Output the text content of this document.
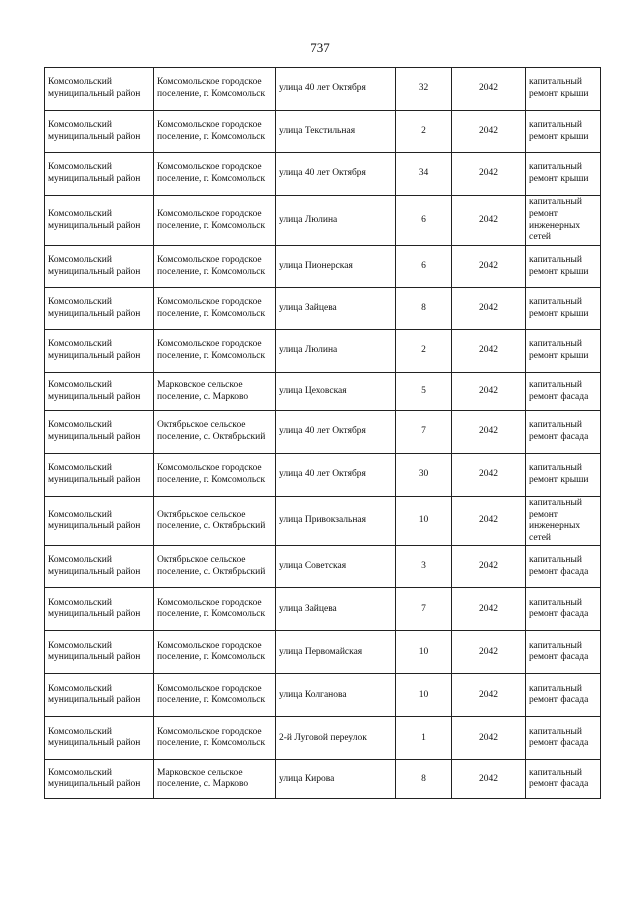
737
Комсомольский муниципальный район	Комсомольское городское поселение, г. Комсомольск	улица 40 лет Октября	32	2042	капитальный ремонт крыши
Комсомольский муниципальный район	Комсомольское городское поселение, г. Комсомольск	улица Текстильная	2	2042	капитальный ремонт крыши
Комсомольский муниципальный район	Комсомольское городское поселение, г. Комсомольск	улица 40 лет Октября	34	2042	капитальный ремонт крыши
Комсомольский муниципальный район	Комсомольское городское поселение, г. Комсомольск	улица Люлина	6	2042	капитальный ремонт инженерных сетей
Комсомольский муниципальный район	Комсомольское городское поселение, г. Комсомольск	улица Пионерская	6	2042	капитальный ремонт крыши
Комсомольский муниципальный район	Комсомольское городское поселение, г. Комсомольск	улица Зайцева	8	2042	капитальный ремонт крыши
Комсомольский муниципальный район	Комсомольское городское поселение, г. Комсомольск	улица Люлина	2	2042	капитальный ремонт крыши
Комсомольский муниципальный район	Марковское сельское поселение, с. Марково	улица Цеховская	5	2042	капитальный ремонт фасада
Комсомольский муниципальный район	Октябрьское сельское поселение, с. Октябрьский	улица 40 лет Октября	7	2042	капитальный ремонт фасада
Комсомольский муниципальный район	Комсомольское городское поселение, г. Комсомольск	улица 40 лет Октября	30	2042	капитальный ремонт крыши
Комсомольский муниципальный район	Октябрьское сельское поселение, с. Октябрьский	улица Привокзальная	10	2042	капитальный ремонт инженерных сетей
Комсомольский муниципальный район	Октябрьское сельское поселение, с. Октябрьский	улица Советская	3	2042	капитальный ремонт фасада
Комсомольский муниципальный район	Комсомольское городское поселение, г. Комсомольск	улица Зайцева	7	2042	капитальный ремонт фасада
Комсомольский муниципальный район	Комсомольское городское поселение, г. Комсомольск	улица Первомайская	10	2042	капитальный ремонт фасада
Комсомольский муниципальный район	Комсомольское городское поселение, г. Комсомольск	улица Колганова	10	2042	капитальный ремонт фасада
Комсомольский муниципальный район	Комсомольское городское поселение, г. Комсомольск	2-й Луговой переулок	1	2042	капитальный ремонт фасада
Комсомольский муниципальный район	Марковское сельское поселение, с. Марково	улица Кирова	8	2042	капитальный ремонт фасада
